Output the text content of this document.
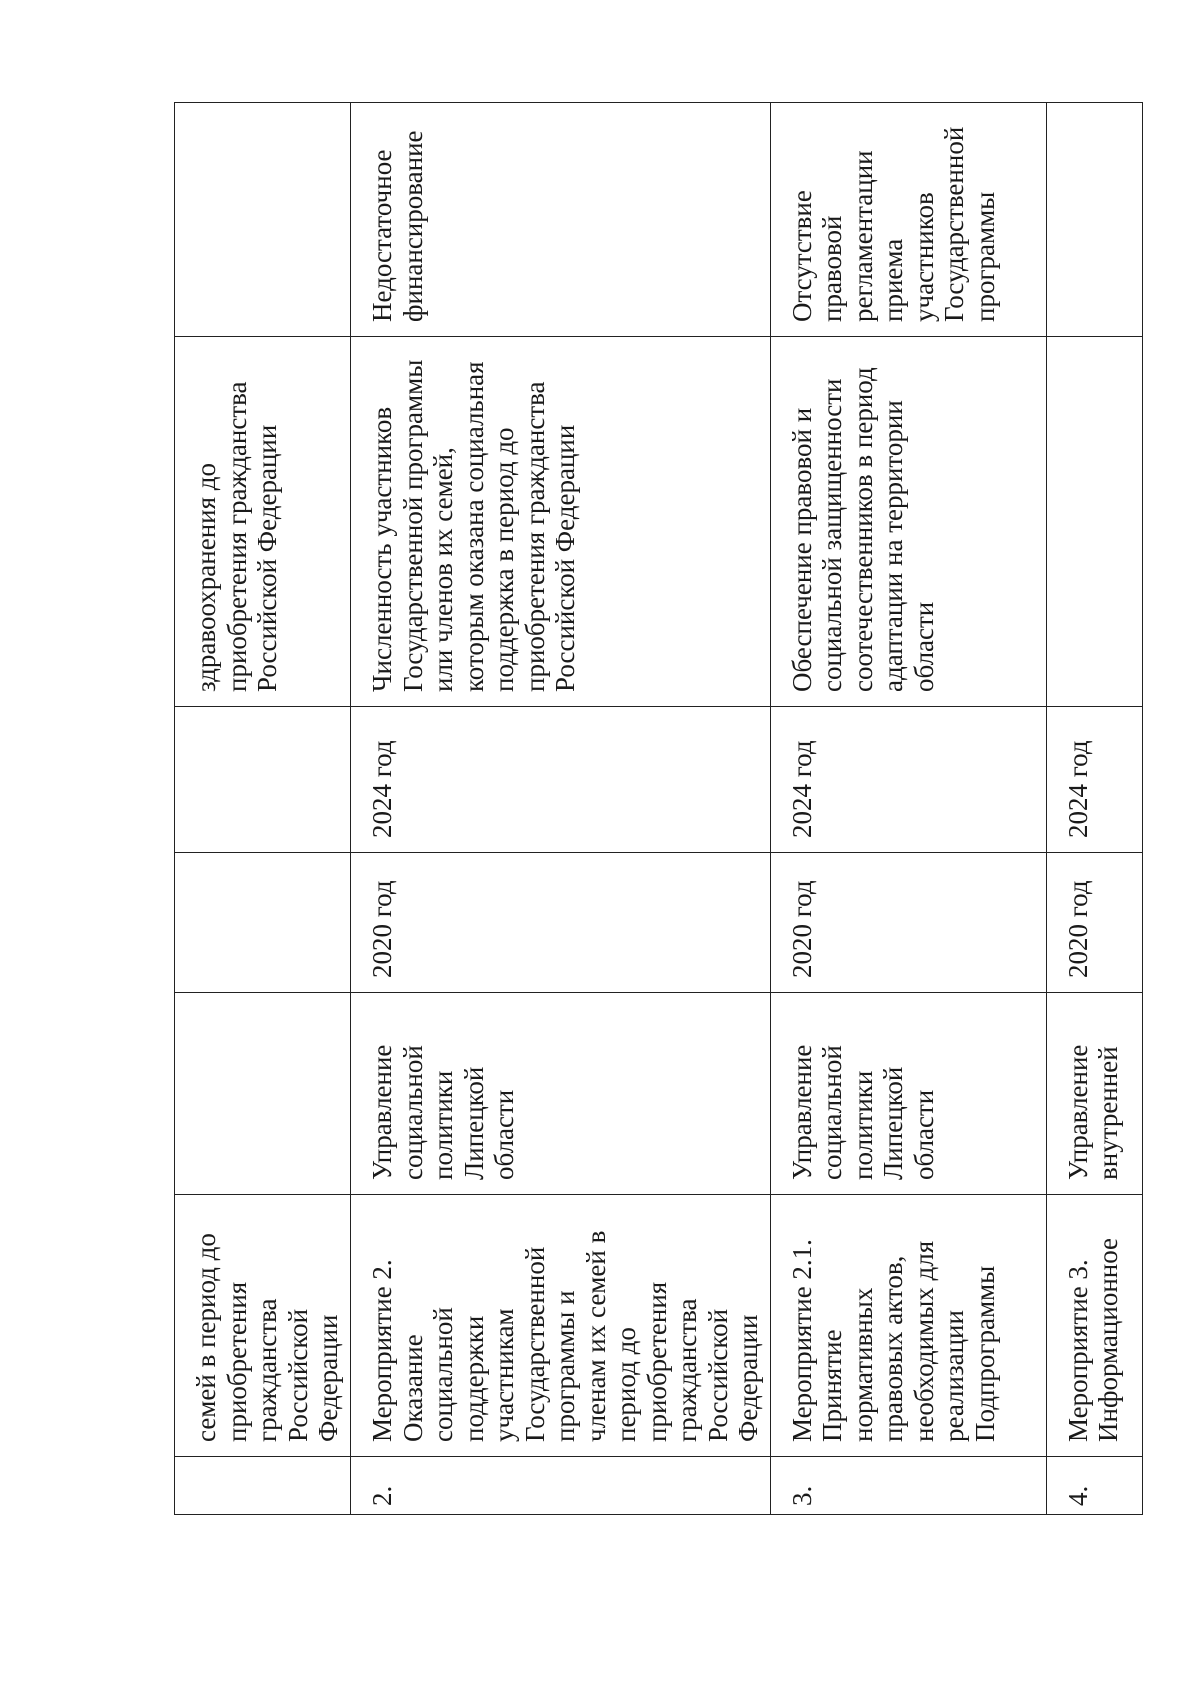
	семей в период до приобретения гражданства Российской Федерации				здравоохранения до приобретения гражданства Российской Федерации	
2.	Мероприятие 2. Оказание социальной поддержки участникам Государственной программы и членам их семей в период до приобретения гражданства Российской Федерации	Управление социальной политики Липецкой области	2020 год	2024 год	Численность участников Государственной программы или членов их семей, которым оказана социальная поддержка в период до приобретения гражданства Российской Федерации	Недостаточное финансирование
3.	Мероприятие 2.1. Принятие нормативных правовых актов, необходимых для реализации Подпрограммы	Управление социальной политики Липецкой области	2020 год	2024 год	Обеспечение правовой и социальной защищенности соотечественников в период адаптации на территории области	Отсутствие правовой регламентации приема участников Государственной программы
4.	Мероприятие 3. Информационное	Управление внутренней	2020 год	2024 год		
